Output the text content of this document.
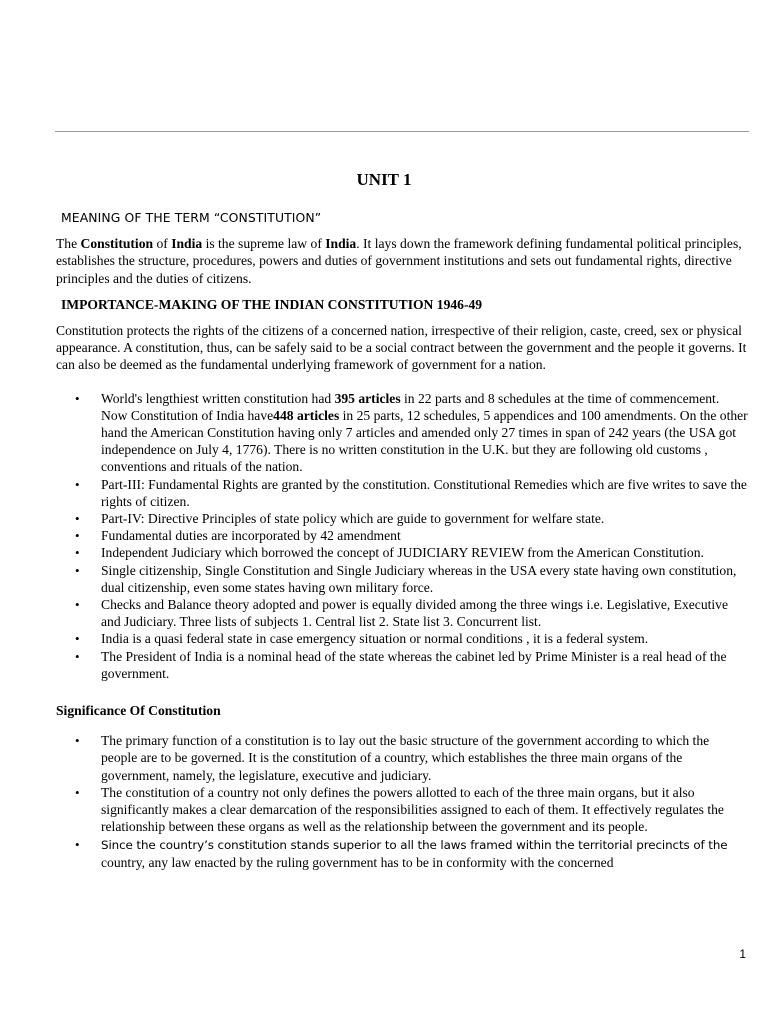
UNIT 1
MEANING OF THE TERM “CONSTITUTION”

The Constitution of India is the supreme law of India. It lays down the framework defining fundamental political principles, establishes the structure, procedures, powers and duties of government institutions and sets out fundamental rights, directive principles and the duties of citizens.

IMPORTANCE-MAKING OF THE INDIAN CONSTITUTION 1946-49

Constitution protects the rights of the citizens of a concerned nation, irrespective of their religion, caste, creed, sex or physical appearance. A constitution, thus, can be safely said to be a social contract between the government and the people it governs. It can also be deemed as the fundamental underlying framework of government for a nation.

• World's lengthiest written constitution had 395 articles in 22 parts and 8 schedules at the time of commencement. Now Constitution of India have448 articles in 25 parts, 12 schedules, 5 appendices and 100 amendments. On the other hand the American Constitution having only 7 articles and amended only 27 times in span of 242 years (the USA got independence on July 4, 1776). There is no written constitution in the U.K. but they are following old customs , conventions and rituals of the nation.
• Part-III: Fundamental Rights are granted by the constitution. Constitutional Remedies which are five writes to save the rights of citizen.
• Part-IV: Directive Principles of state policy which are guide to government for welfare state.
• Fundamental duties are incorporated by 42 amendment
• Independent Judiciary which borrowed the concept of JUDICIARY REVIEW from the American Constitution.
• Single citizenship, Single Constitution and Single Judiciary whereas in the USA every state having own constitution, dual citizenship, even some states having own military force.
• Checks and Balance theory adopted and power is equally divided among the three wings i.e. Legislative, Executive and Judiciary. Three lists of subjects 1. Central list 2. State list 3. Concurrent list.
• India is a quasi federal state in case emergency situation or normal conditions , it is a federal system.
• The President of India is a nominal head of the state whereas the cabinet led by Prime Minister is a real head of the government.
Significance Of Constitution
• The primary function of a constitution is to lay out the basic structure of the government according to which the people are to be governed. It is the constitution of a country, which establishes the three main organs of the government, namely, the legislature, executive and judiciary.
• The constitution of a country not only defines the powers allotted to each of the three main organs, but it also significantly makes a clear demarcation of the responsibilities assigned to each of them. It effectively regulates the relationship between these organs as well as the relationship between the government and its people.
• Since the country’s constitution stands superior to all the laws framed within the territorial precincts of the
country, any law enacted by the ruling government has to be in conformity with the concerned
1
